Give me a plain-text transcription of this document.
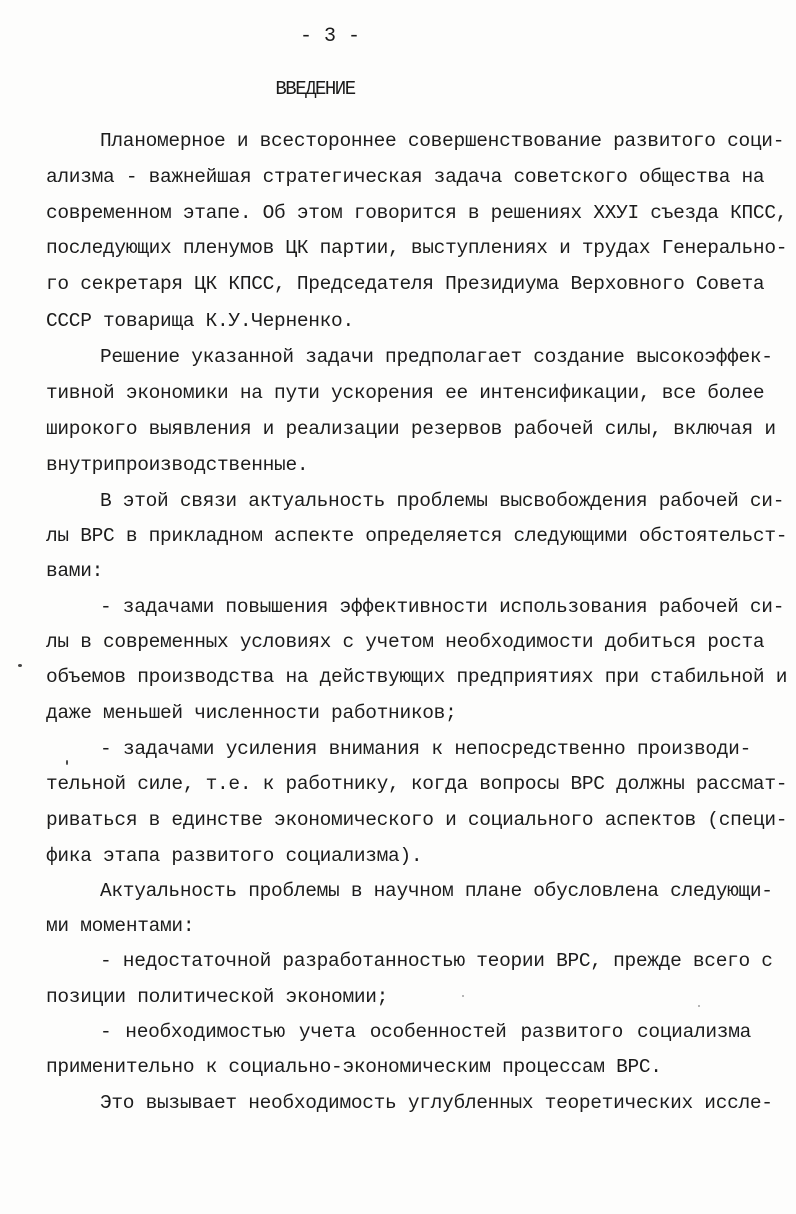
- 3 -
ВВЕДЕНИЕ
Планомерное и всестороннее совершенствование развитого соци-
ализма - важнейшая стратегическая задача советского общества на
современном этапе. Об этом говорится в решениях ХХУI съезда КПСС,
последующих пленумов ЦК партии, выступлениях и трудах Генерально-
го секретаря ЦК КПСС, Председателя Президиума Верховного Совета
СССР товарища К.У.Черненко.
Решение указанной задачи предполагает создание высокоэффек-
тивной экономики на пути ускорения ее интенсификации, все более
широкого выявления и реализации резервов рабочей силы, включая и
внутрипроизводственные.
В этой связи актуальность проблемы высвобождения рабочей си-
лы ВРС в прикладном аспекте определяется следующими обстоятельст-
вами:
- задачами повышения эффективности использования рабочей си-
лы в современных условиях с учетом необходимости добиться роста
объемов производства на действующих предприятиях при стабильной и
даже меньшей численности работников;
- задачами усиления внимания к непосредственно производи-
тельной силе, т.е. к работнику, когда вопросы ВРС должны рассмат-
риваться в единстве экономического и социального аспектов (специ-
фика этапа развитого социализма).
Актуальность проблемы в научном плане обусловлена следующи-
ми моментами:
- недостаточной разработанностью теории ВРС, прежде всего с
позиции политической экономии;
- необходимостью учета особенностей развитого социализма
применительно к социально-экономическим процессам ВРС.
Это вызывает необходимость углубленных теоретических иссле-
